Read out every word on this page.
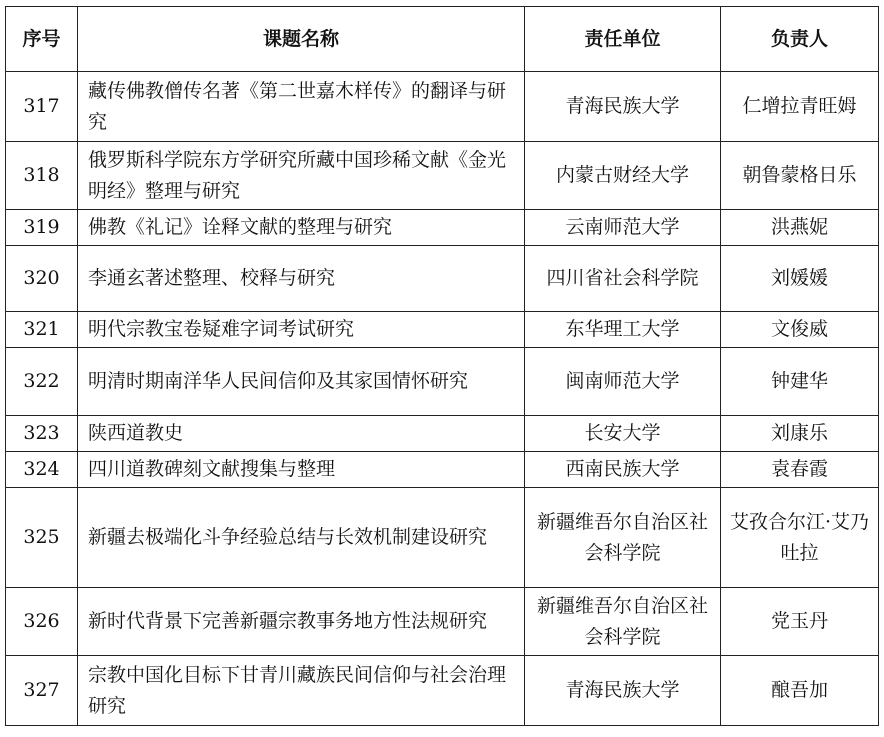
序号	课题名称	责任单位	负责人
317	藏传佛教僧传名著《第二世嘉木样传》的翻译与研究	青海民族大学	仁增拉青旺姆
318	俄罗斯科学院东方学研究所藏中国珍稀文献《金光明经》整理与研究	内蒙古财经大学	朝鲁蒙格日乐
319	佛教《礼记》诠释文献的整理与研究	云南师范大学	洪燕妮
320	李通玄著述整理、校释与研究	四川省社会科学院	刘媛媛
321	明代宗教宝卷疑难字词考试研究	东华理工大学	文俊威
322	明清时期南洋华人民间信仰及其家国情怀研究	闽南师范大学	钟建华
323	陕西道教史	长安大学	刘康乐
324	四川道教碑刻文献搜集与整理	西南民族大学	袁春霞
325	新疆去极端化斗争经验总结与长效机制建设研究	新疆维吾尔自治区社会科学院	艾孜合尔江·艾乃吐拉
326	新时代背景下完善新疆宗教事务地方性法规研究	新疆维吾尔自治区社会科学院	党玉丹
327	宗教中国化目标下甘青川藏族民间信仰与社会治理研究	青海民族大学	酿吾加
